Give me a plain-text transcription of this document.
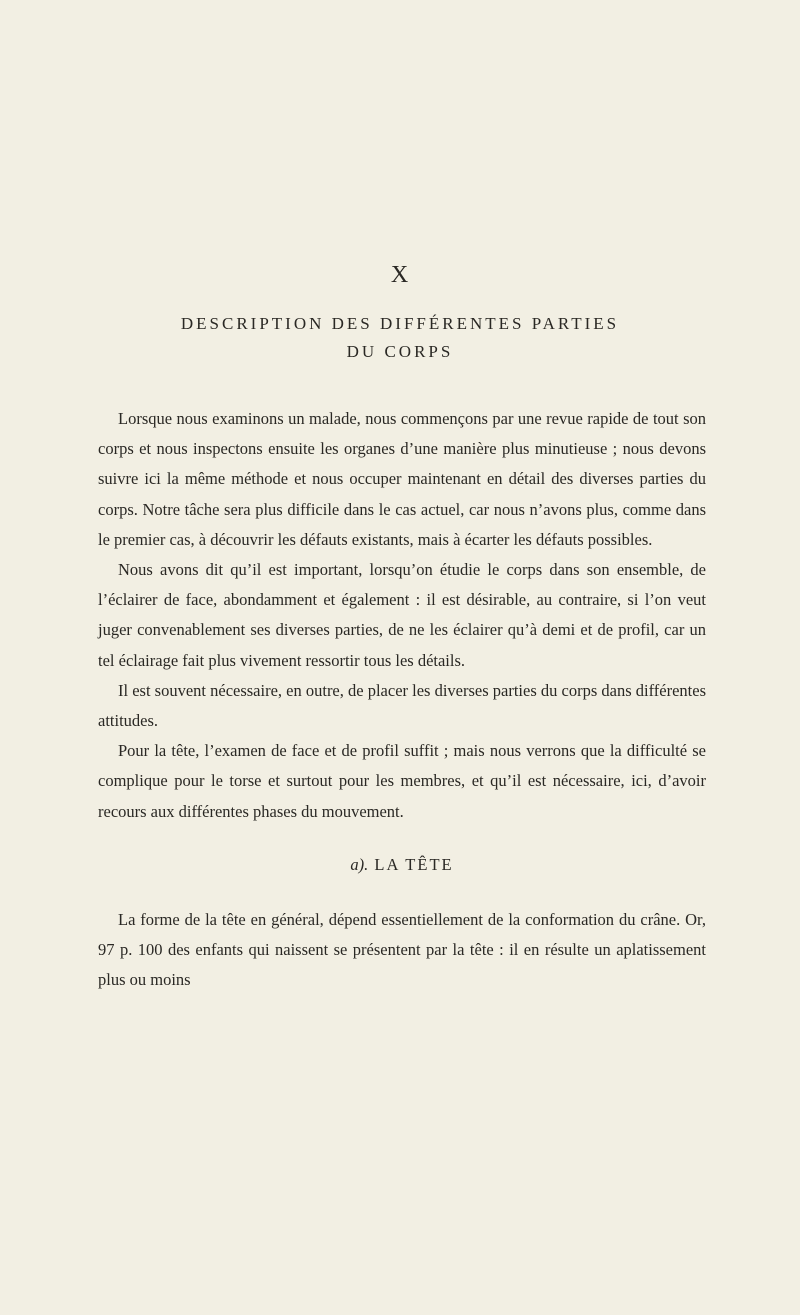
X
DESCRIPTION DES DIFFÉRENTES PARTIES
DU CORPS

Lorsque nous examinons un malade, nous commençons par une revue rapide de tout son corps et nous inspectons ensuite les organes d’une manière plus minutieuse ; nous devons suivre ici la même méthode et nous occuper maintenant en détail des diverses parties du corps. Notre tâche sera plus difficile dans le cas actuel, car nous n’avons plus, comme dans le premier cas, à découvrir les défauts existants, mais à écarter les défauts possibles.

Nous avons dit qu’il est important, lorsqu’on étudie le corps dans son ensemble, de l’éclairer de face, abondamment et également : il est désirable, au contraire, si l’on veut juger convenablement ses diverses parties, de ne les éclairer qu’à demi et de profil, car un tel éclairage fait plus vivement ressortir tous les détails.

Il est souvent nécessaire, en outre, de placer les diverses parties du corps dans différentes attitudes.

Pour la tête, l’examen de face et de profil suffit ; mais nous verrons que la difficulté se complique pour le torse et surtout pour les membres, et qu’il est nécessaire, ici, d’avoir recours aux différentes phases du mouvement.

a). LA TÊTE

La forme de la tête en général, dépend essentiellement de la conformation du crâne. Or, 97 p. 100 des enfants qui naissent se présentent par la tête : il en résulte un aplatissement plus ou moins
